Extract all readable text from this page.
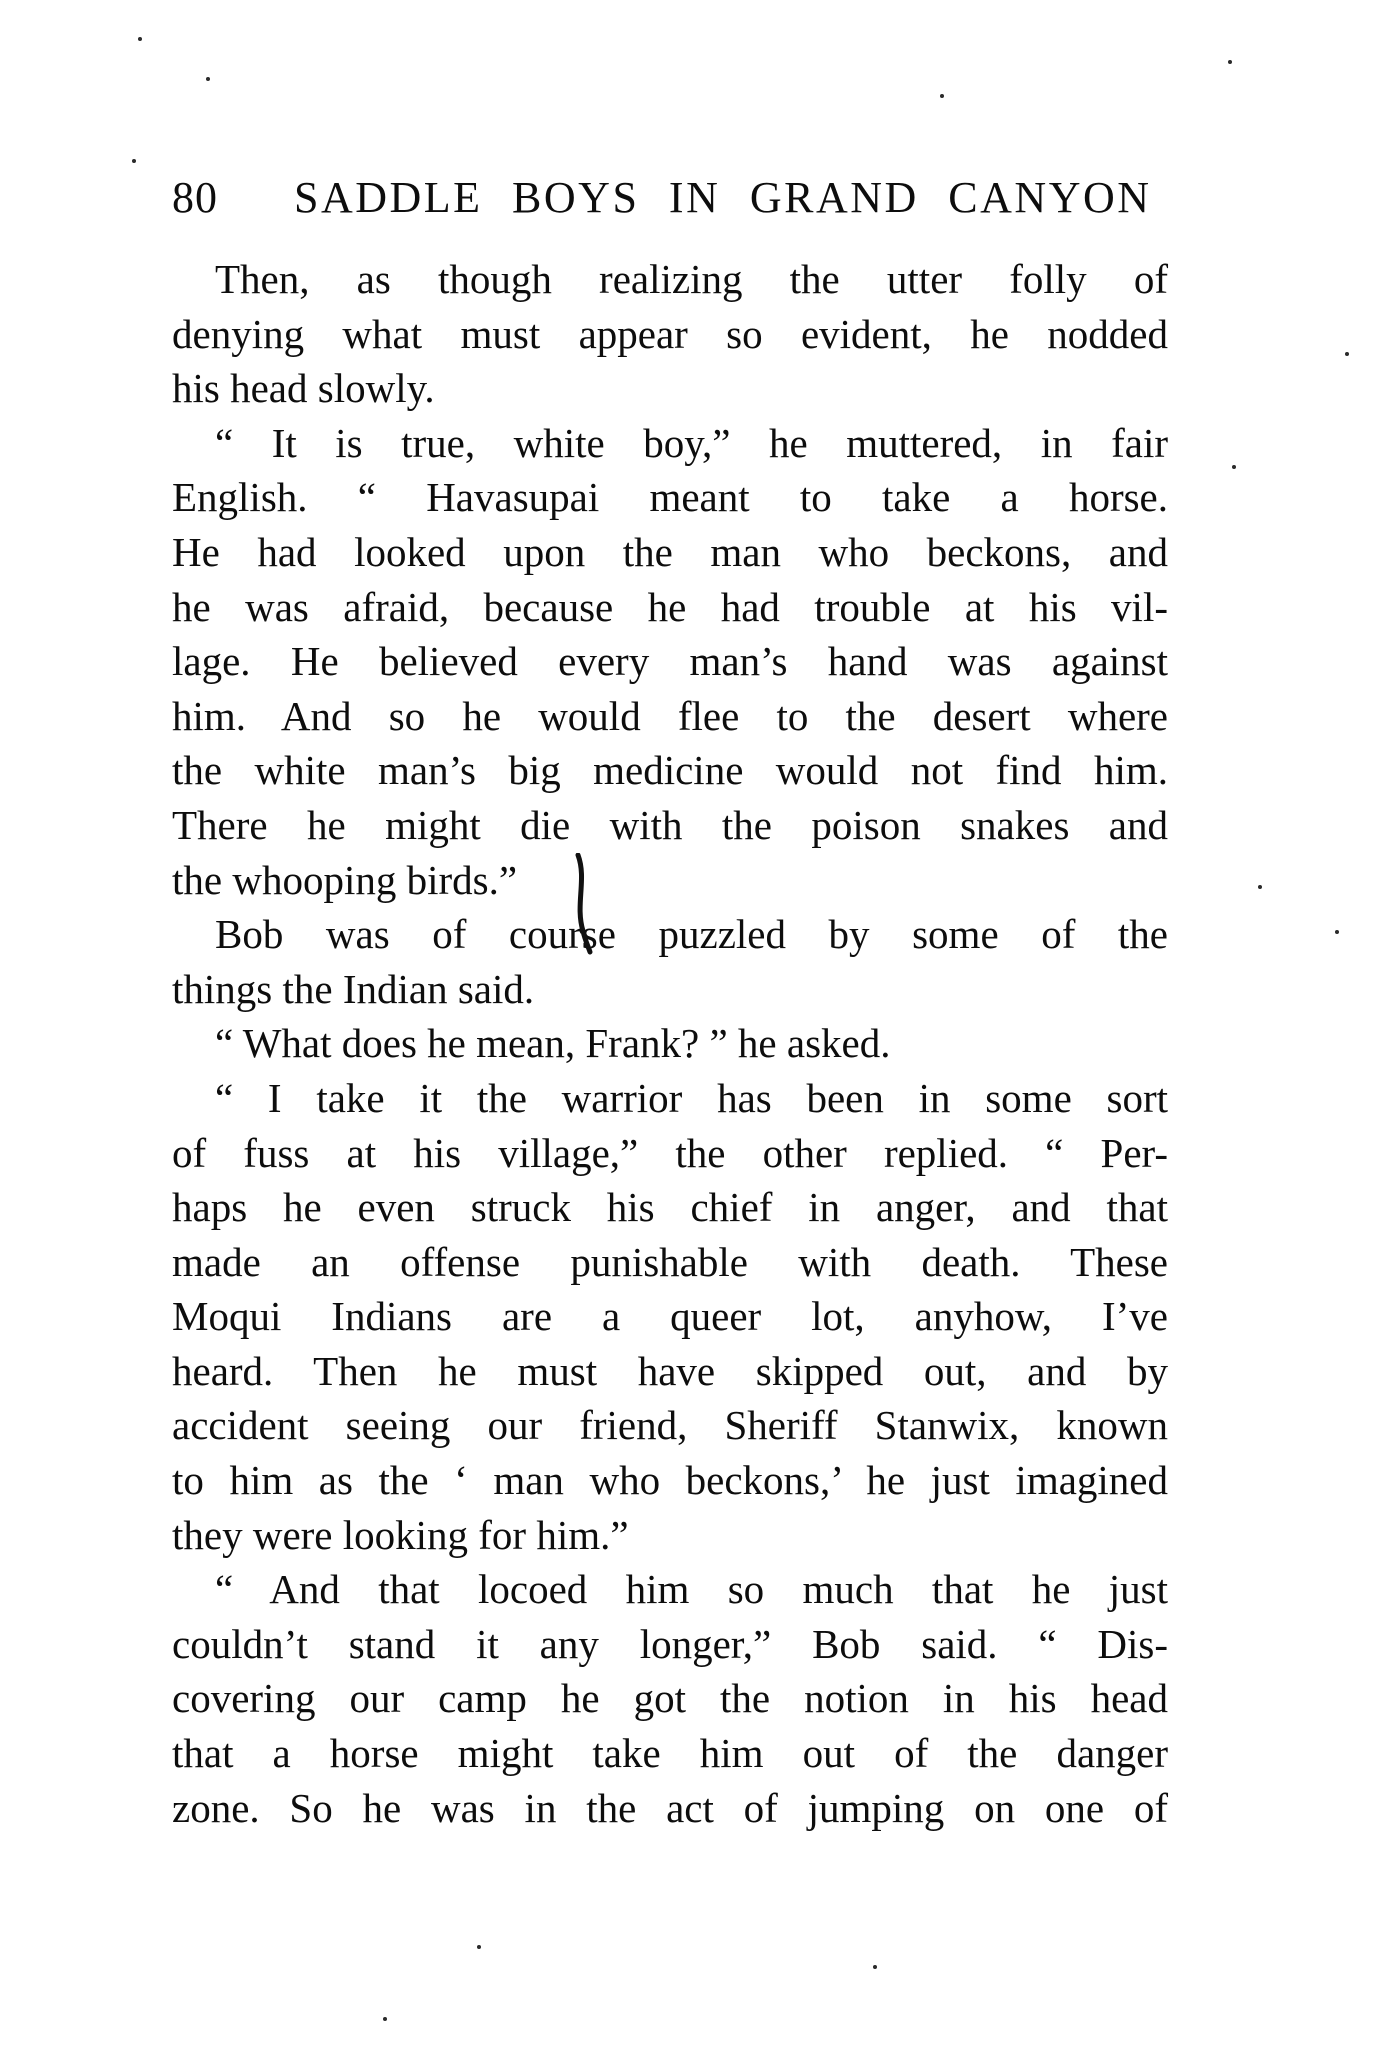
80 SADDLE BOYS IN GRAND CANYON
Then, as though realizing the utter folly of
denying what must appear so evident, he nodded
his head slowly.
“ It is true, white boy,” he muttered, in fair
English. “ Havasupai meant to take a horse.
He had looked upon the man who beckons, and
he was afraid, because he had trouble at his vil-
lage. He believed every man’s hand was against
him. And so he would flee to the desert where
the white man’s big medicine would not find him.
There he might die with the poison snakes and
the whooping birds.”
Bob was of course puzzled by some of the
things the Indian said.
“ What does he mean, Frank? ” he asked.
“ I take it the warrior has been in some sort
of fuss at his village,” the other replied. “ Per-
haps he even struck his chief in anger, and that
made an offense punishable with death. These
Moqui Indians are a queer lot, anyhow, I’ve
heard. Then he must have skipped out, and by
accident seeing our friend, Sheriff Stanwix, known
to him as the ‘ man who beckons,’ he just imagined
they were looking for him.”
“ And that locoed him so much that he just
couldn’t stand it any longer,” Bob said. “ Dis-
covering our camp he got the notion in his head
that a horse might take him out of the danger
zone. So he was in the act of jumping on one of
